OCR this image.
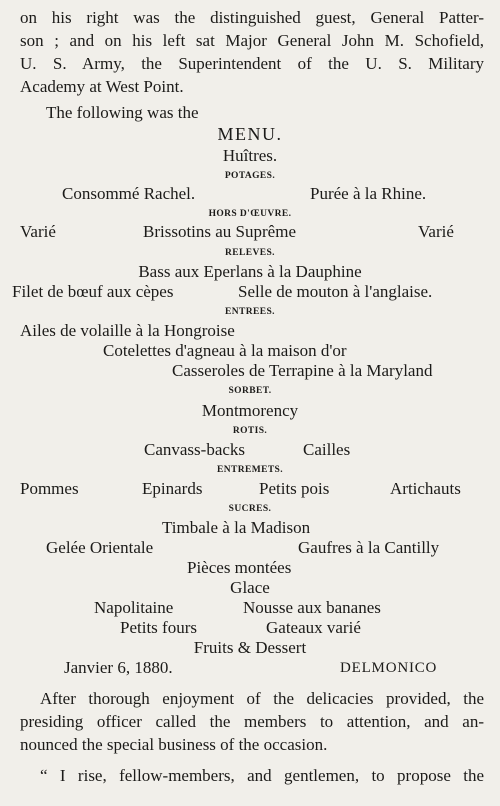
on his right was the distinguished guest, General Patter-
son ; and on his left sat Major General John M. Schofield,
U. S. Army, the Superintendent of the U. S. Military
Academy at West Point.
The following was the
MENU.
Huîtres.
POTAGES.
Consommé Rachel.	Purée à la Rhine.
HORS D'ŒUVRE.
Varié	Brissotins au Suprême	Varié
RELEVES.
Bass aux Eperlans à la Dauphine
Filet de bœuf aux cèpes	Selle de mouton à l'anglaise.
ENTREES.
Ailes de volaille à la Hongroise
Cotelettes d'agneau à la maison d'or
Casseroles de Terrapine à la Maryland
SORBET.
Montmorency
ROTIS.
Canvass-backs	Cailles
ENTREMETS.
Pommes	Epinards	Petits pois	Artichauts
SUCRES.
Timbale à la Madison
Gelée Orientale	Gaufres à la Cantilly
Pièces montées
Glace
Napolitaine	Nousse aux bananes
Petits fours	Gateaux varié
Fruits & Dessert
Janvier 6, 1880.	DELMONICO
After thorough enjoyment of the delicacies provided, the
presiding officer called the members to attention, and an-
nounced the special business of the occasion.
“ I rise, fellow-members, and gentlemen, to propose the
